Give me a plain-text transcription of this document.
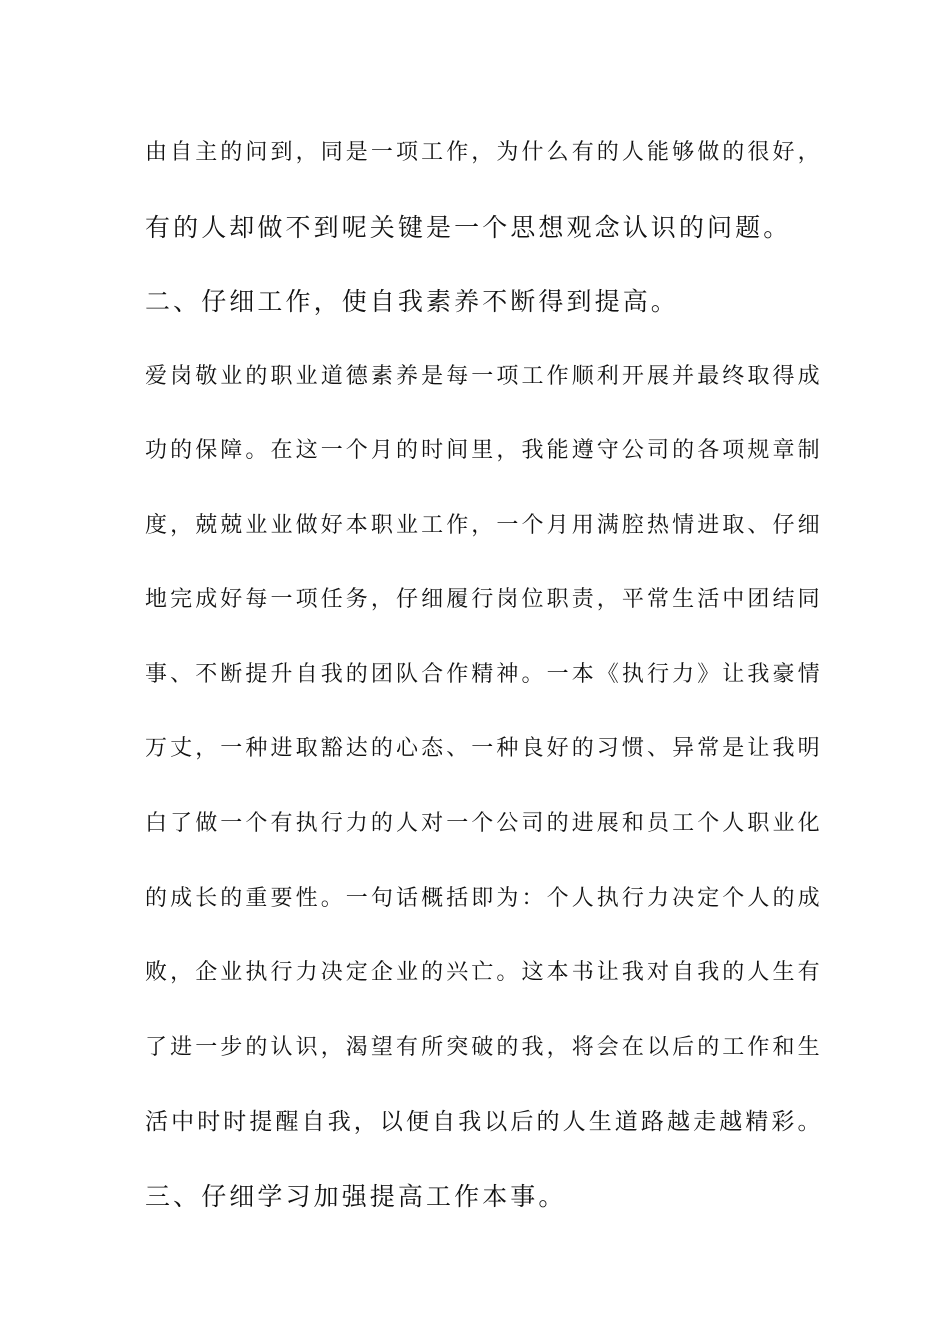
由自主的问到，同是一项工作，为什么有的人能够做的很好，
有的人却做不到呢关键是一个思想观念认识的问题。
二、仔细工作，使自我素养不断得到提高。
爱岗敬业的职业道德素养是每一项工作顺利开展并最终取得成
功的保障。在这一个月的时间里，我能遵守公司的各项规章制
度，兢兢业业做好本职业工作，一个月用满腔热情进取、仔细
地完成好每一项任务，仔细履行岗位职责，平常生活中团结同
事、不断提升自我的团队合作精神。一本《执行力》让我豪情
万丈，一种进取豁达的心态、一种良好的习惯、异常是让我明
白了做一个有执行力的人对一个公司的进展和员工个人职业化
的成长的重要性。一句话概括即为：个人执行力决定个人的成
败，企业执行力决定企业的兴亡。这本书让我对自我的人生有
了进一步的认识，渴望有所突破的我，将会在以后的工作和生
活中时时提醒自我，以便自我以后的人生道路越走越精彩。
三、仔细学习加强提高工作本事。
